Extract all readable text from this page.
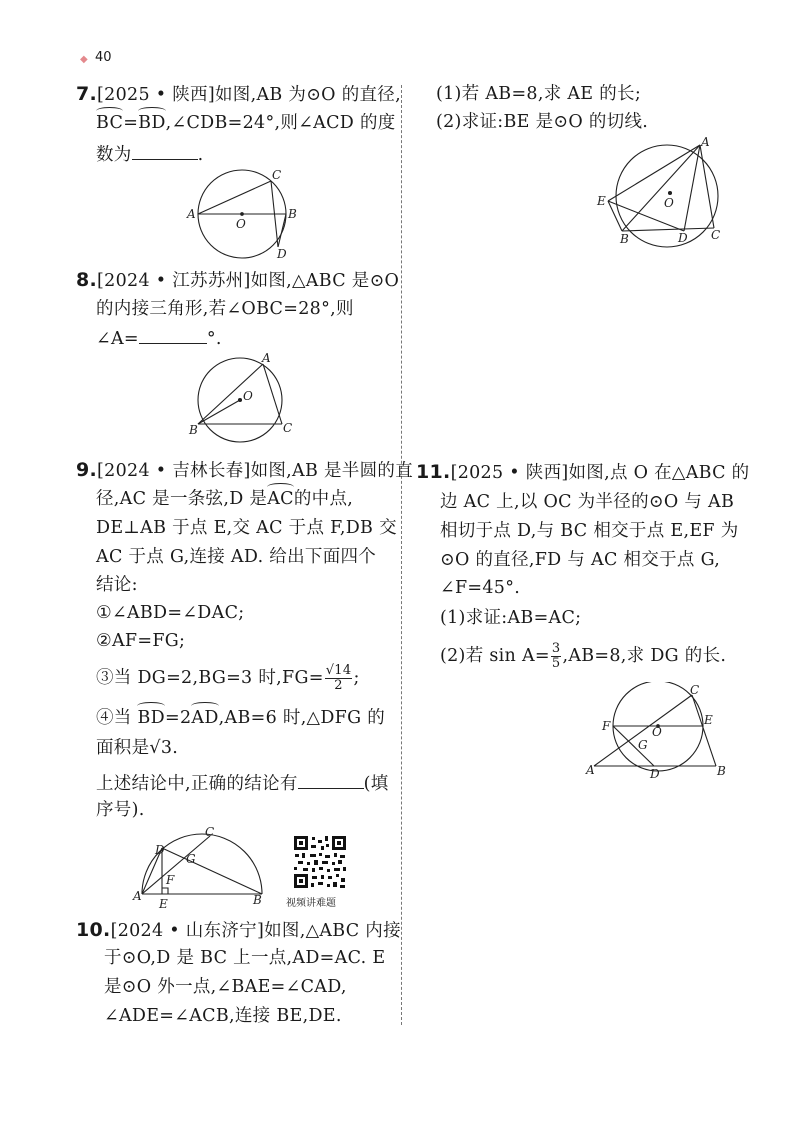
◆ 40
7.[2025 • 陕西]如图,AB 为⊙O 的直径,
BC=BD,∠CDB=24°,则∠ACD 的度
数为	.
A	B
C
D
O
8.[2024 • 江苏苏州]如图,△ABC 是⊙O
的内接三角形,若∠OBC=28°,则
∠A=	°.
A
B	C
O
9.[2024 • 吉林长春]如图,AB 是半圆的直
径,AC 是一条弦,D 是AC的中点,
DE⊥AB 于点 E,交 AC 于点 F,DB 交
AC 于点 G,连接 AD. 给出下面四个
结论:
①∠ABD=∠DAC;
②AF=FG;
③当 DG=2,BG=3 时$,FG= \frac{√14}{2}$ ;
④当 BD=2AD,AB=6 时,△DFG 的
面积是√3.
上述结论中,正确的结论有	(填
序号).
C
D
G
F
A
E	B 视频讲难题
10.[2024 • 山东济宁]如图,△ABC 内接
于⊙O,D 是 BC 上一点,AD=AC. E
是⊙O 外一点,∠BAE=∠CAD,
∠ADE=∠ACB,连接 BE,DE.
(1)若 AB=8,求 AE 的长;
(2)求证:BE 是⊙O 的切线.
A
E
B	D C
O
11.[2025 • 陕西]如图,点 O 在△ABC 的
边 AC 上,以 OC 为半径的⊙O 与 AB
相切于点 D,与 BC 相交于点 E,EF 为
⊙O 的直径,FD 与 AC 相交于点 G,
∠F=45°.
(1)求证:AB=AC;
(2)若 $\sin A= \frac{3}{5} ,AB=8$,求 DG 的长.
C
F	E
O
G
A	D	B
